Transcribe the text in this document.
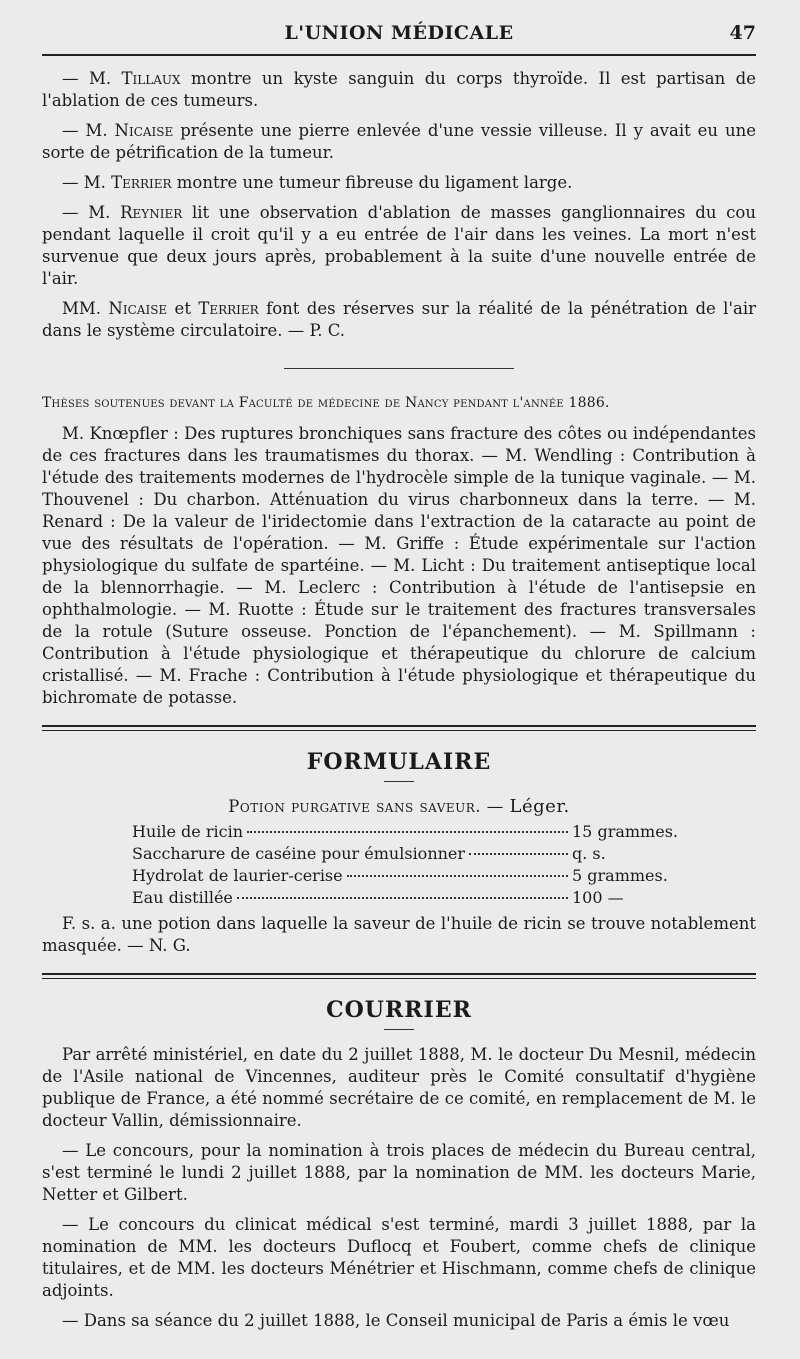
L'UNION MÉDICALE	47

— M. Tillaux montre un kyste sanguin du corps thyroïde. Il est partisan de l'ablation de ces tumeurs.

— M. Nicaise présente une pierre enlevée d'une vessie villeuse. Il y avait eu une sorte de pétrification de la tumeur.

— M. Terrier montre une tumeur fibreuse du ligament large.

— M. Reynier lit une observation d'ablation de masses ganglionnaires du cou pendant laquelle il croit qu'il y a eu entrée de l'air dans les veines. La mort n'est survenue que deux jours après, probablement à la suite d'une nouvelle entrée de l'air.

MM. Nicaise et Terrier font des réserves sur la réalité de la pénétration de l'air dans le système circulatoire. — P. C.

Thèses soutenues devant la Faculté de médecine de Nancy pendant l'année 1886.

M. Knœpfler : Des ruptures bronchiques sans fracture des côtes ou indépendantes de ces fractures dans les traumatismes du thorax. — M. Wendling : Contribution à l'étude des traitements modernes de l'hydrocèle simple de la tunique vaginale. — M. Thouvenel : Du charbon. Atténuation du virus charbonneux dans la terre. — M. Renard : De la valeur de l'iridectomie dans l'extraction de la cataracte au point de vue des résultats de l'opération. — M. Griffe : Étude expérimentale sur l'action physiologique du sulfate de spartéine. — M. Licht : Du traitement antiseptique local de la blennorrhagie. — M. Leclerc : Contribution à l'étude de l'antisepsie en ophthalmologie. — M. Ruotte : Étude sur le traitement des fractures transversales de la rotule (Suture osseuse. Ponction de l'épanchement). — M. Spillmann : Contribution à l'étude physiologique et thérapeutique du chlorure de calcium cristallisé. — M. Frache : Contribution à l'étude physiologique et thérapeutique du bichromate de potasse.

FORMULAIRE
Potion purgative sans saveur. — Léger.
Huile de ricin	15 grammes.
Saccharure de caséine pour émulsionner	q. s.
Hydrolat de laurier-cerise	5 grammes.
Eau distillée	100 —

F. s. a. une potion dans laquelle la saveur de l'huile de ricin se trouve notablement masquée. — N. G.

COURRIER

Par arrêté ministériel, en date du 2 juillet 1888, M. le docteur Du Mesnil, médecin de l'Asile national de Vincennes, auditeur près le Comité consultatif d'hygiène publique de France, a été nommé secrétaire de ce comité, en remplacement de M. le docteur Vallin, démissionnaire.

— Le concours, pour la nomination à trois places de médecin du Bureau central, s'est terminé le lundi 2 juillet 1888, par la nomination de MM. les docteurs Marie, Netter et Gilbert.

— Le concours du clinicat médical s'est terminé, mardi 3 juillet 1888, par la nomination de MM. les docteurs Duflocq et Foubert, comme chefs de clinique titulaires, et de MM. les docteurs Ménétrier et Hischmann, comme chefs de clinique adjoints.

— Dans sa séance du 2 juillet 1888, le Conseil municipal de Paris a émis le vœu
